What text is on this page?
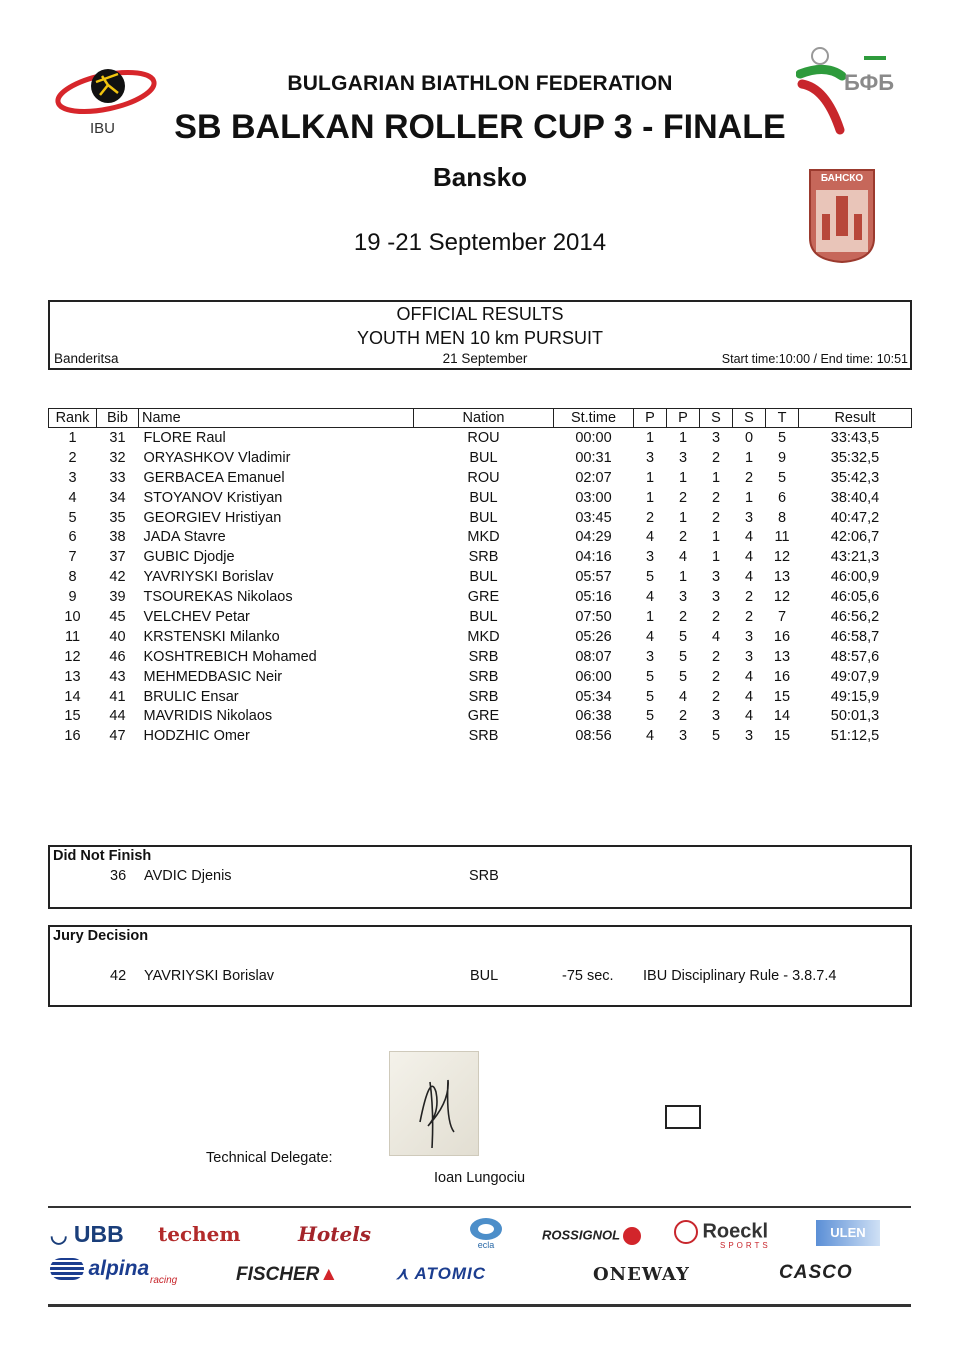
IBU
BULGARIAN BIATHLON FEDERATION
SB BALKAN ROLLER CUP 3 - FINALE
Bansko
19 -21 September 2014
БФБ
БАНСКО
OFFICIAL RESULTS
YOUTH MEN 10 km PURSUIT
Banderitsa	21 September	Start time:10:00 / End time: 10:51
Rank	Bib	Name	Nation	St.time	P	P	S	S	T	Result
1	31	FLORE Raul	ROU	00:00	1	1	3	0	5	33:43,5
2	32	ORYASHKOV Vladimir	BUL	00:31	3	3	2	1	9	35:32,5
3	33	GERBACEA Emanuel	ROU	02:07	1	1	1	2	5	35:42,3
4	34	STOYANOV Kristiyan	BUL	03:00	1	2	2	1	6	38:40,4
5	35	GEORGIEV Hristiyan	BUL	03:45	2	1	2	3	8	40:47,2
6	38	JADA Stavre	MKD	04:29	4	2	1	4	11	42:06,7
7	37	GUBIC Djodje	SRB	04:16	3	4	1	4	12	43:21,3
8	42	YAVRIYSKI Borislav	BUL	05:57	5	1	3	4	13	46:00,9
9	39	TSOUREKAS Nikolaos	GRE	05:16	4	3	3	2	12	46:05,6
10	45	VELCHEV Petar	BUL	07:50	1	2	2	2	7	46:56,2
11	40	KRSTENSKI Milanko	MKD	05:26	4	5	4	3	16	46:58,7
12	46	KOSHTREBICH Mohamed	SRB	08:07	3	5	2	3	13	48:57,6
13	43	MEHMEDBASIC Neir	SRB	06:00	5	5	2	4	16	49:07,9
14	41	BRULIC Ensar	SRB	05:34	5	4	2	4	15	49:15,9
15	44	MAVRIDIS Nikolaos	GRE	06:38	5	2	3	4	14	50:01,3
16	47	HODZHIC Omer	SRB	08:56	4	3	5	3	15	51:12,5
Did Not Finish
36 AVDIC Djenis	SRB
Jury Decision
42 YAVRIYSKI Borislav	BUL	-75 sec. IBU Disciplinary Rule - 3.8.7.4
Technical Delegate:
Ioan Lungociu
◡ UBB techem	Hotels	ecla
ROSSIGNOL	Roeckl
SPORTS
ULEN
alpina
racing	FISCHER▲	⋏ ATOMIC	ONEWAY	CASCO
